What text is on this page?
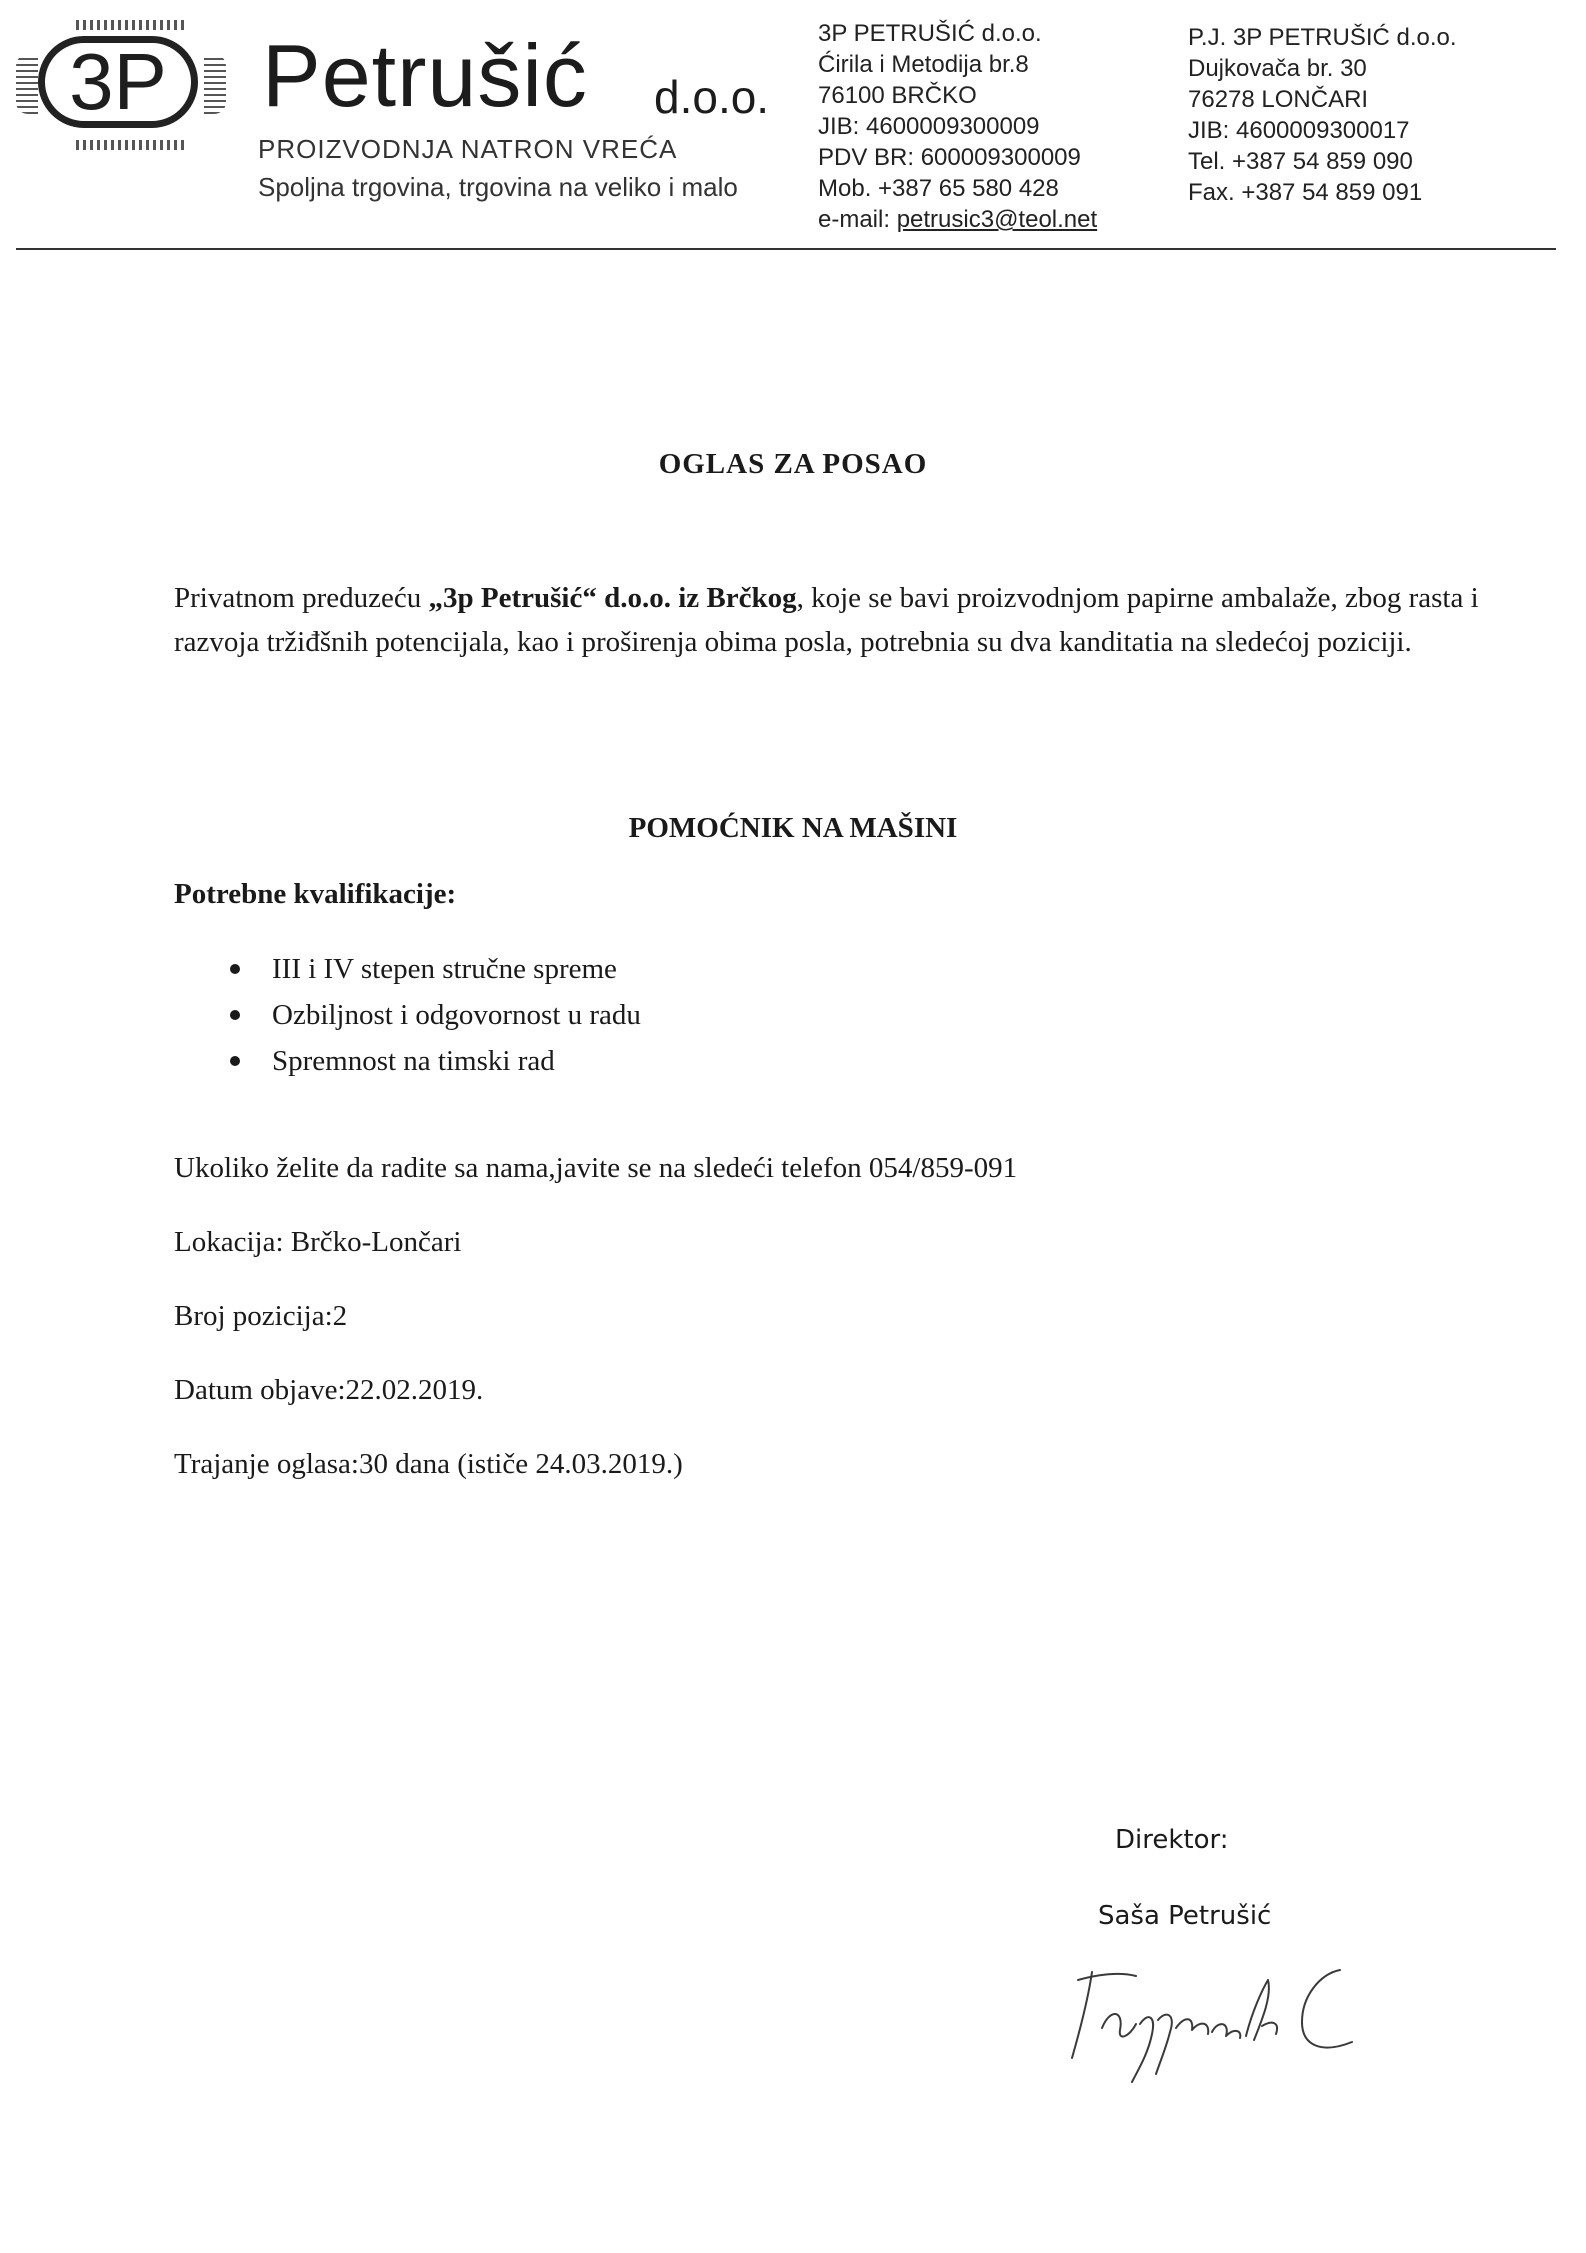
3P	Petrušić d.o.o.
PROIZVODNJA NATRON VREĆA
Spoljna trgovina, trgovina na veliko i malo
3P PETRUŠIĆ d.o.o.
Ćirila i Metodija br.8
76100 BRČKO
JIB: 4600009300009
PDV BR: 600009300009
Mob. +387 65 580 428
e-mail: petrusic3@teol.net
P.J. 3P PETRUŠIĆ d.o.o.
Dujkovača br. 30
76278 LONČARI
JIB: 4600009300017
Tel. +387 54 859 090
Fax. +387 54 859 091
OGLAS ZA POSAO

Privatnom preduzeću „3p Petrušić“ d.o.o. iz Brčkog, koje se bavi proizvodnjom papirne ambalaže, zbog rasta i razvoja tržiđšnih potencijala, kao i proširenja obima posla, potrebnia su dva kanditatia na sledećoj poziciji.

POMOĆNIK NA MAŠINI
Potrebne kvalifikacije:
III i IV stepen stručne spreme
Ozbiljnost i odgovornost u radu
Spremnost na timski rad
Ukoliko želite da radite sa nama,javite se na sledeći telefon 054/859-091
Lokacija: Brčko-Lončari
Broj pozicija:2
Datum objave:22.02.2019.
Trajanje oglasa:30 dana (ističe 24.03.2019.)
Direktor:
Saša Petrušić
